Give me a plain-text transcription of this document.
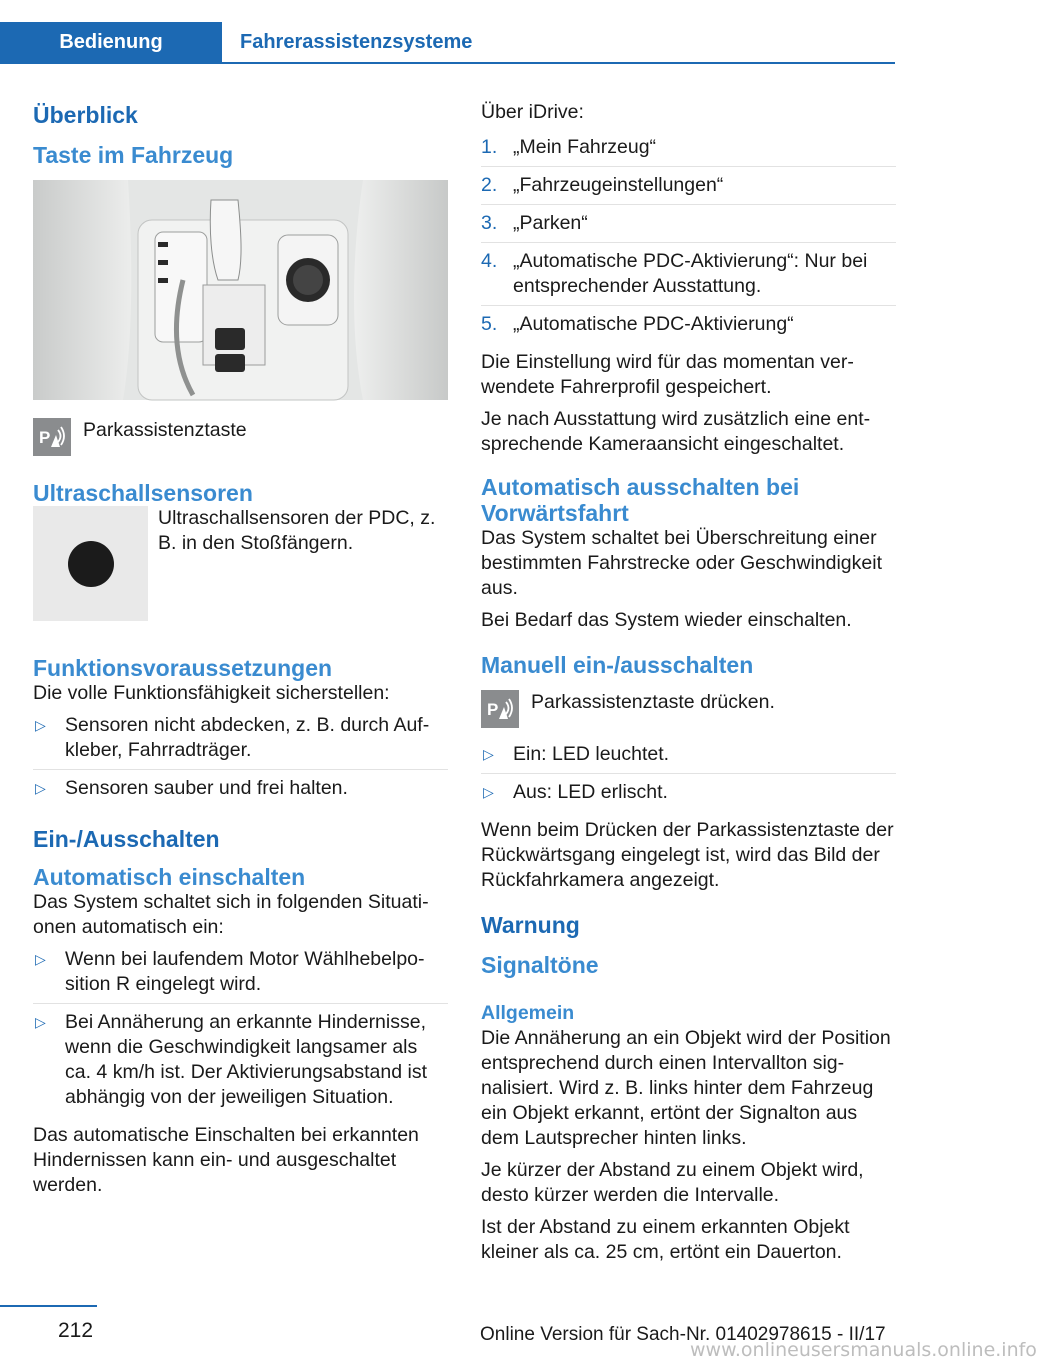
Bedienung	Fahrerassistenzsysteme
Überblick
Taste im Fahrzeug
P Parkassistenztaste
Ultraschallsensoren
Ultraschallsensoren der PDC, z. B. in den Stoßfängern.
Funktionsvoraussetzungen

Die volle Funktionsfähigkeit sicherstellen:

▷ Sensoren nicht abdecken, z. B. durch Aufkleber, Fahrradträger.
▷ Sensoren sauber und frei halten.
Ein-/Ausschalten
Automatisch einschalten

Das System schaltet sich in folgenden Situationen automatisch ein:

▷ Wenn bei laufendem Motor Wählhebelposition R eingelegt wird.
▷ Bei Annäherung an erkannte Hindernisse, wenn die Geschwindigkeit langsamer als ca. 4 km/h ist. Der Aktivierungsabstand ist abhängig von der jeweiligen Situation.

Das automatische Einschalten bei erkannten Hindernissen kann ein- und ausgeschaltet werden.

Über iDrive:

1. „Mein Fahrzeug“
2. „Fahrzeugeinstellungen“
3. „Parken“
4. „Automatische PDC-Aktivierung“: Nur bei entsprechender Ausstattung.
5. „Automatische PDC-Aktivierung“

Die Einstellung wird für das momentan verwendete Fahrerprofil gespeichert.

Je nach Ausstattung wird zusätzlich eine entsprechende Kameraansicht eingeschaltet.

Automatisch ausschalten bei Vorwärtsfahrt

Das System schaltet bei Überschreitung einer bestimmten Fahrstrecke oder Geschwindigkeit aus.

Bei Bedarf das System wieder einschalten.

Manuell ein-/ausschalten
P Parkassistenztaste drücken.
▷ Ein: LED leuchtet.
▷ Aus: LED erlischt.

Wenn beim Drücken der Parkassistenztaste der Rückwärtsgang eingelegt ist, wird das Bild der Rückfahrkamera angezeigt.

Warnung
Signaltöne
Allgemein

Die Annäherung an ein Objekt wird der Position entsprechend durch einen Intervallton signalisiert. Wird z. B. links hinter dem Fahrzeug ein Objekt erkannt, ertönt der Signalton aus dem Lautsprecher hinten links.

Je kürzer der Abstand zu einem Objekt wird, desto kürzer werden die Intervalle.

Ist der Abstand zu einem erkannten Objekt kleiner als ca. 25 cm, ertönt ein Dauerton.

212	Online Version für Sach-Nr. 01402978615 - II/17
www.onlineusersmanuals.online.info
